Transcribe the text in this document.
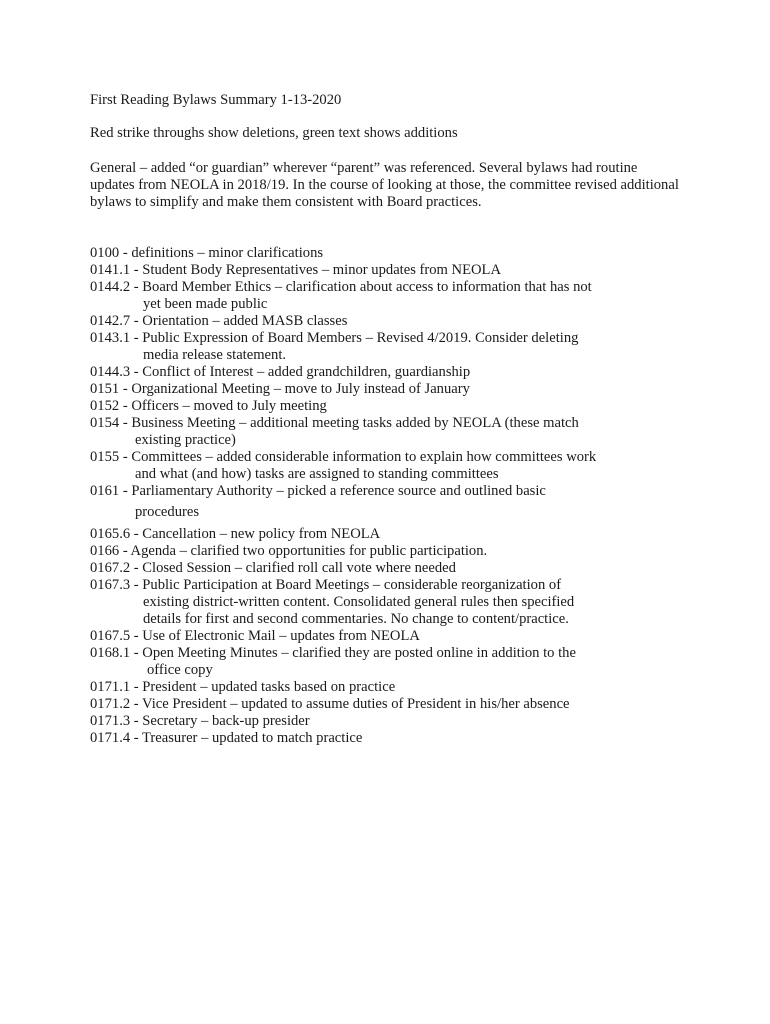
First Reading Bylaws Summary 1-13-2020
Red strike throughs show deletions, green text shows additions
General – added “or guardian” wherever “parent” was referenced. Several bylaws had routine updates from NEOLA in 2018/19. In the course of looking at those, the committee revised additional bylaws to simplify and make them consistent with Board practices.

0100 - definitions – minor clarifications

0141.1 - Student Body Representatives – minor updates from NEOLA

0144.2 - Board Member Ethics – clarification about access to information that has not

yet been made public

0142.7 - Orientation – added MASB classes

0143.1 - Public Expression of Board Members – Revised 4/2019. Consider deleting

media release statement.

0144.3 - Conflict of Interest – added grandchildren, guardianship

0151 - Organizational Meeting – move to July instead of January

0152 - Officers – moved to July meeting

0154 - Business Meeting – additional meeting tasks added by NEOLA (these match

existing practice)

0155 - Committees – added considerable information to explain how committees work

and what (and how) tasks are assigned to standing committees

0161 - Parliamentary Authority – picked a reference source and outlined basic

procedures

0165.6 - Cancellation – new policy from NEOLA

0166 - Agenda – clarified two opportunities for public participation.

0167.2 - Closed Session – clarified roll call vote where needed

0167.3 - Public Participation at Board Meetings – considerable reorganization of

existing district-written content. Consolidated general rules then specified

details for first and second commentaries. No change to content/practice.

0167.5 - Use of Electronic Mail – updates from NEOLA

0168.1 - Open Meeting Minutes – clarified they are posted online in addition to the

office copy

0171.1 - President – updated tasks based on practice

0171.2 - Vice President – updated to assume duties of President in his/her absence

0171.3 - Secretary – back-up presider

0171.4 - Treasurer – updated to match practice
